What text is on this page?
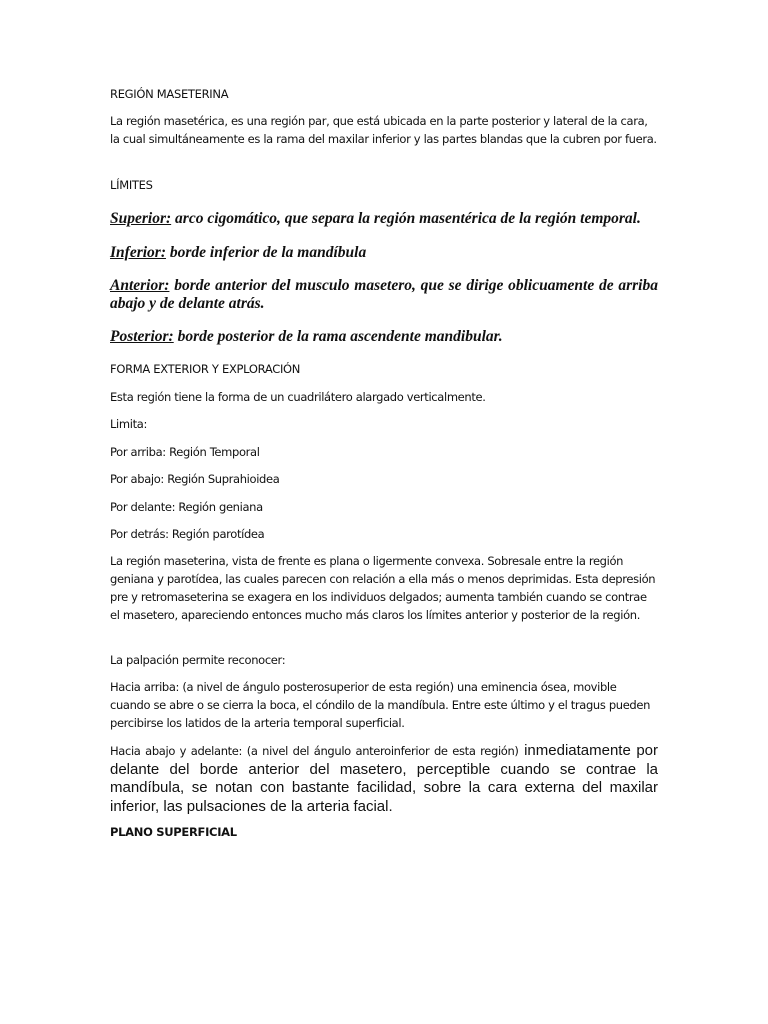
REGIÓN MASETERINA

La región masetérica, es una región par, que está ubicada en la parte posterior y lateral de la cara, la cual simultáneamente es la rama del maxilar inferior y las partes blandas que la cubren por fuera.

LÍMITES

Superior: arco cigomático, que separa la región masentérica de la región temporal.

Inferior: borde inferior de la mandíbula

Anterior: borde anterior del musculo masetero, que se dirige oblicuamente de arriba abajo y de delante atrás.

Posterior: borde posterior de la rama ascendente mandibular.

FORMA EXTERIOR Y EXPLORACIÓN

Esta región tiene la forma de un cuadrilátero alargado verticalmente.

Limita:

Por arriba: Región Temporal

Por abajo: Región Suprahioidea

Por delante: Región geniana

Por detrás: Región parotídea

La región maseterina, vista de frente es plana o ligermente convexa. Sobresale entre la región geniana y parotídea, las cuales parecen con relación a ella más o menos deprimidas. Esta depresión pre y retromaseterina se exagera en los individuos delgados; aumenta también cuando se contrae el masetero, apareciendo entonces mucho más claros los límites anterior y posterior de la región.

La palpación permite reconocer:

Hacia arriba: (a nivel de ángulo posterosuperior de esta región) una eminencia ósea, movible cuando se abre o se cierra la boca, el cóndilo de la mandíbula. Entre este último y el tragus pueden percibirse los latidos de la arteria temporal superficial.

Hacia abajo y adelante: (a nivel del ángulo anteroinferior de esta región) inmediatamente por delante del borde anterior del masetero, perceptible cuando se contrae la mandíbula, se notan con bastante facilidad, sobre la cara externa del maxilar inferior, las pulsaciones de la arteria facial.

PLANO SUPERFICIAL
